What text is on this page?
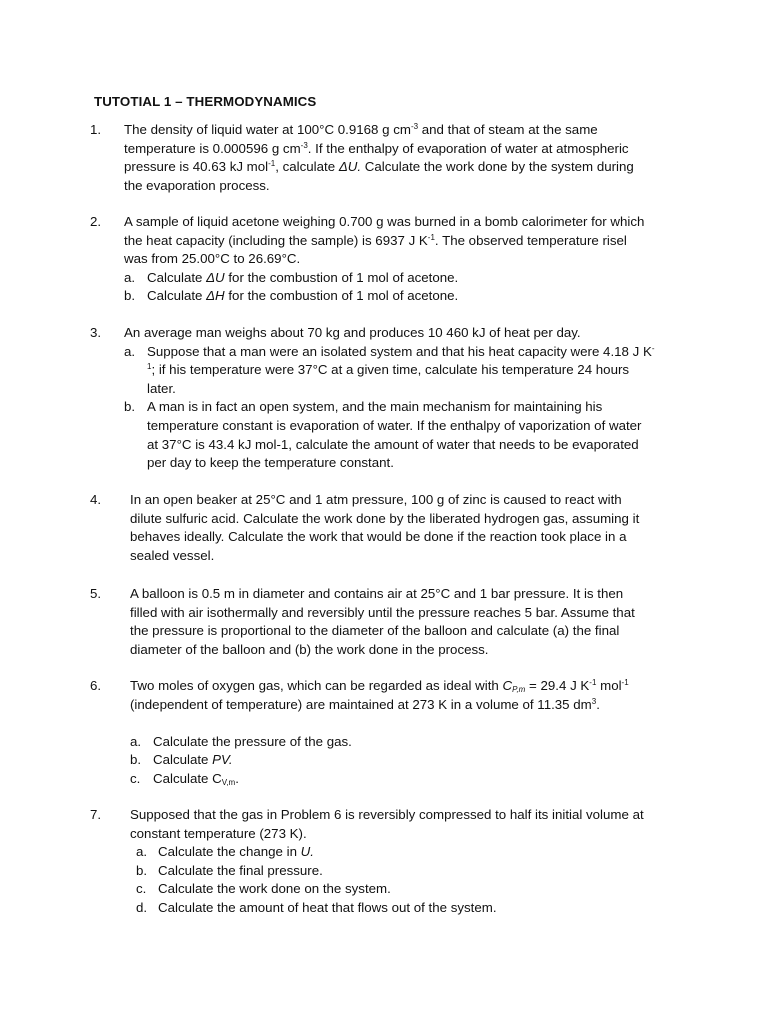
TUTOTIAL 1 – THERMODYNAMICS
1. The density of liquid water at 100°C 0.9168 g $cm^{-3}$ and that of steam at the same
temperature is 0.000596 g $cm^{-3}$. If the enthalpy of evaporation of water at atmospheric
pressure is 40.63 kJ mol$^{-1}$, calculate ΔU. Calculate the work done by the system during
the evaporation process.
2. A sample of liquid acetone weighing 0.700 g was burned in a bomb calorimeter for which
the heat capacity (including the sample) is 6937 J $K^{-1}$. The observed temperature risel
was from 25.00°C to 26.69°C.
a. Calculate ΔU for the combustion of 1 mol of acetone.
b. Calculate ΔH for the combustion of 1 mol of acetone.
3. An average man weighs about 70 kg and produces 10 460 kJ of heat per day.
a. Suppose that a man were an isolated system and that his heat capacity were 4.18 J K-
$^1$; if his temperature were 37°C at a given time, calculate his temperature 24 hours
later.
b. A man is in fact an open system, and the main mechanism for maintaining his
temperature constant is evaporation of water. If the enthalpy of vaporization of water
at 37°C is 43.4 kJ mol-1, calculate the amount of water that needs to be evaporated
per day to keep the temperature constant.
4. In an open beaker at 25°C and 1 atm pressure, 100 g of zinc is caused to react with
dilute sulfuric acid. Calculate the work done by the liberated hydrogen gas, assuming it
behaves ideally. Calculate the work that would be done if the reaction took place in a
sealed vessel.
5. A balloon is 0.5 m in diameter and contains air at 25°C and 1 bar pressure. It is then
filled with air isothermally and reversibly until the pressure reaches 5 bar. Assume that
the pressure is proportional to the diameter of the balloon and calculate (a) the final
diameter of the balloon and (b) the work done in the process.
6. Two moles of oxygen gas, which can be regarded as ideal with $C_{P,m} = 29.4$ J $K^{-1}$ mol$^{-1}$
(independent of temperature) are maintained at 273 K in a volume of 11.35 $dm^3$.
a. Calculate the pressure of the gas.
b. Calculate PV.
c. Calculate $C_{V,m}$.
7. Supposed that the gas in Problem 6 is reversibly compressed to half its initial volume at
constant temperature (273 K).
a. Calculate the change in U.
b. Calculate the final pressure.
c. Calculate the work done on the system.
d. Calculate the amount of heat that flows out of the system.
